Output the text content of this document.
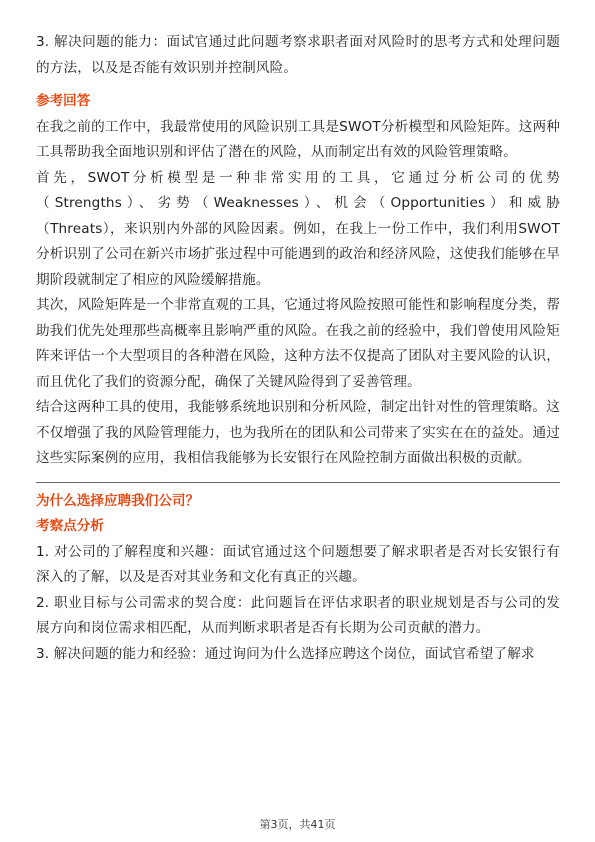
3. 解决问题的能力：面试官通过此问题考察求职者面对风险时的思考方式和处理问题的方法，以及是否能有效识别并控制风险。

参考回答

在我之前的工作中，我最常使用的风险识别工具是SWOT分析模型和风险矩阵。这两种工具帮助我全面地识别和评估了潜在的风险，从而制定出有效的风险管理策略。

首先，SWOT分析模型是一种非常实用的工具，它通过分析公司的优势（Strengths）、劣势（Weaknesses）、机会（Opportunities）和威胁（Threats），来识别内外部的风险因素。例如，在我上一份工作中，我们利用SWOT分析识别了公司在新兴市场扩张过程中可能遇到的政治和经济风险，这使我们能够在早期阶段就制定了相应的风险缓解措施。

其次，风险矩阵是一个非常直观的工具，它通过将风险按照可能性和影响程度分类，帮助我们优先处理那些高概率且影响严重的风险。在我之前的经验中，我们曾使用风险矩阵来评估一个大型项目的各种潜在风险，这种方法不仅提高了团队对主要风险的认识，而且优化了我们的资源分配，确保了关键风险得到了妥善管理。

结合这两种工具的使用，我能够系统地识别和分析风险，制定出针对性的管理策略。这不仅增强了我的风险管理能力，也为我所在的团队和公司带来了实实在在的益处。通过这些实际案例的应用，我相信我能够为长安银行在风险控制方面做出积极的贡献。

为什么选择应聘我们公司？

考察点分析

1. 对公司的了解程度和兴趣：面试官通过这个问题想要了解求职者是否对长安银行有深入的了解，以及是否对其业务和文化有真正的兴趣。

2. 职业目标与公司需求的契合度：此问题旨在评估求职者的职业规划是否与公司的发展方向和岗位需求相匹配，从而判断求职者是否有长期为公司贡献的潜力。

3. 解决问题的能力和经验：通过询问为什么选择应聘这个岗位，面试官希望了解求

第3页，共41页
